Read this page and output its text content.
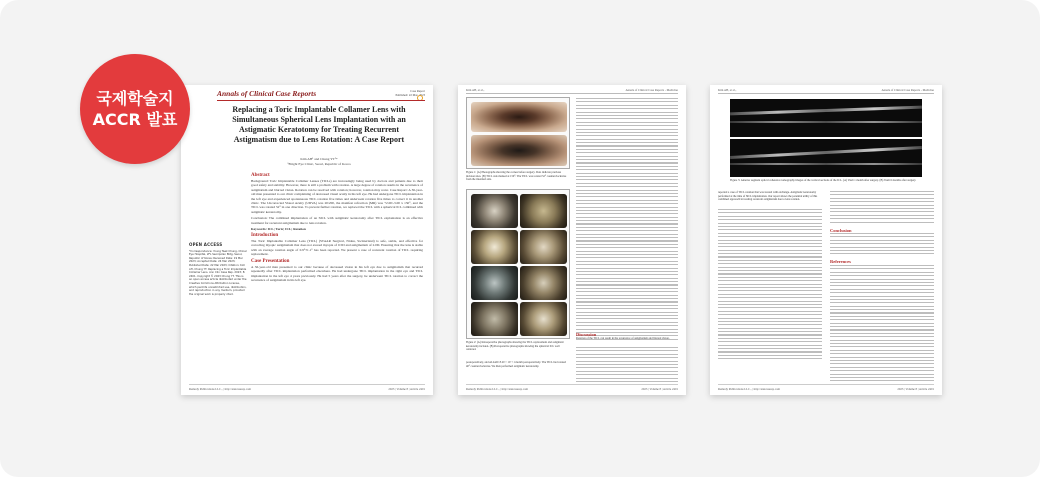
국제학술지
ACCR 발표
Annals of Clinical Case Reports	Case Report
Published: 22 Mar, 2023
Replacing a Toric Implantable Collamer Lens with Simultaneous Spherical Lens Implantation with an Astigmatic Keratotomy for Treating Recurrent Astigmatism due to Lens Rotation: A Case Report
Kim AH¹ and Chung YT²*
¹Bright Eye Clinic, Seoul, Republic of Korea
OPEN ACCESS
*Correspondence: Young Taek Chung, Chinal Eye Hospital, 2FL Seoripolan Bldg, Seoul, Republic of Korea; Received Date: 19 Mar 2023; Accepted Date: 24 Mar 2023; Published Date: 22 Mar 2023; Citation: Kim AH, Chung YT. Replacing a Toric Implantable Collamer Lens. Ann Clin Case Rep. 2023; 8: 2401. Copyright © 2023 Chung YT. This is an open access article distributed under the Creative Commons Attribution License, which permits unrestricted use, distribution, and reproduction in any medium, provided the original work is properly cited.
Abstract
Background: Toric Implantable Collamer Lenses (TICLs) are increasingly being used by doctors and patients due to their good safety and stability. However, there is still a problem with rotation. A large degree of rotation results in the recurrence of astigmatism and blurred vision. Rotation can be resolved with rotation; however, rotation may recur. Case Report: A 36-year-old man presented to our clinic complaining of decreased visual acuity in his left eye. He had undergone TICL implantation in the left eye and experienced spontaneous TICL rotation five times and underwent rotation five times to correct it in another clinic. The Uncorrected Visual Acuity (UDVA) was 20/200, the manifest refraction (MR) was +2.00/-3.00 x 150°, and the TICL was rotated 52° in one direction. To prevent further rotation, we replaced the TICL with a spherical ICL combined with astigmatic keratotomy.
Conclusion: The combined implantation of an SICL with astigmatic keratotomy after TICL explantation is an effective treatment for recurrent astigmatism due to lens rotation.
Keywords: ICL; Toric; ICL; Rotation
Introduction
The Toric Implantable Collamer Lens (TICL) (STAAR Surgical, Nidau, Switzerland) is safe, stable, and effective for correcting myopic astigmatism that does not exceed myopia of 0.5D and astigmatism of 2.0D. Ensuring that the lens is stable with an average rotation angle of 0.9°±1.1° has been reported. We present a case of recurrent rotation of TICL requiring replacement.
Case Presentation
A 36-year-old man presented to our clinic because of decreased vision in his left eye due to astigmatism that recurred repeatedly after TICL implantation performed elsewhere. He had undergone TICL implantation in the right eye and TICL implantation in the left eye 4 years previously. He had 5 years after the surgery, he underwent TICL rotation to correct the recurrence of astigmatism in his left eye.
Remedy Publications LLC., | http://anncaserep.com	2023 | Volume 8 | Article 2401
Kim AH, et al.,	Annals of Clinical Case Reports - Medicine
Figure 1: (A) Photographs showing the cornea before surgery. Dots indicate previous incision sites. (B) TICL axis marked at 150°. The TICL was rotated 52° counterclockwise from the intended axis.
Figure 2: (A) Intraoperative photographs showing the TICL replacement and astigmatic keratotomy incision. (B) Postoperative photographs showing the spherical ICL well centered.
postoperatively, and AL2AD: 8.20 × 10⁻³ 1 month postoperatively. The TICL had rotated 40° counterclockwise. We then performed astigmatic keratotomy.
Discussion
Rotation of the TICL can result in the recurrence of astigmatism and blurred vision.
Remedy Publications LLC., | http://anncaserep.com	2023 | Volume 8 | Article 2401
Kim AH, et al.,	Annals of Clinical Case Reports - Medicine
Figure 3: Anterior segment optical coherence tomography images of the vertical sections of the ICL. (A) Vault 1 month after surgery. (B) Vault 6 months after surgery.
reported a case of TICL rotation that was treated with exchange. Astigmatic keratotomy performed at the time of SICL implantation. Our report shows the potential utility of this combined approach in treating recurrent astigmatism due to lens rotation.
Conclusion
References
Remedy Publications LLC., | http://anncaserep.com	2023 | Volume 8 | Article 2401
